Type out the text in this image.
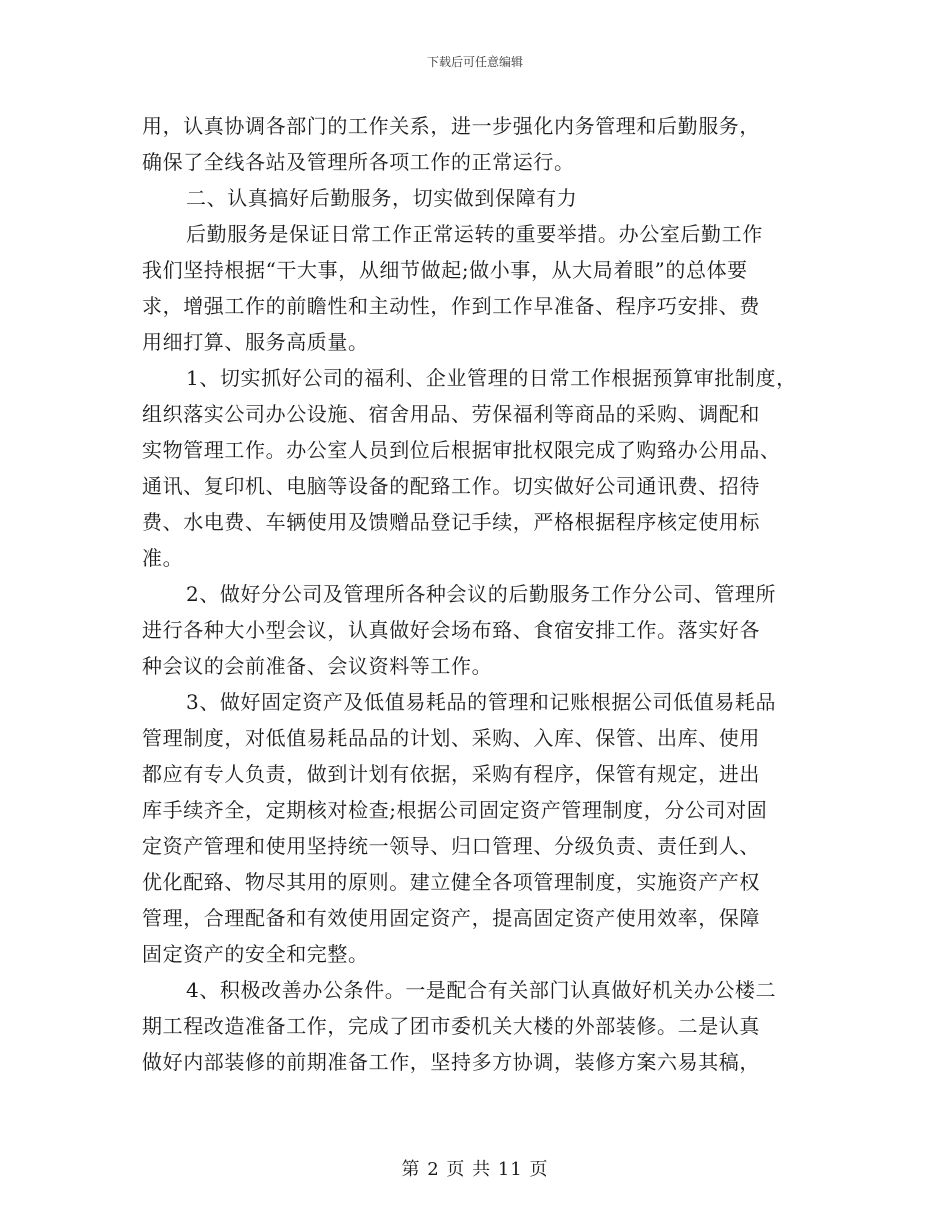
下载后可任意编辑
用，认真协调各部门的工作关系，进一步强化内务管理和后勤服务，
确保了全线各站及管理所各项工作的正常运行。
二、认真搞好后勤服务，切实做到保障有力
后勤服务是保证日常工作正常运转的重要举措。办公室后勤工作
我们坚持根据“干大事，从细节做起;做小事，从大局着眼”的总体要
求，增强工作的前瞻性和主动性，作到工作早准备、程序巧安排、费
用细打算、服务高质量。
1、切实抓好公司的福利、企业管理的日常工作根据预算审批制度，
组织落实公司办公设施、宿舍用品、劳保福利等商品的采购、调配和
实物管理工作。办公室人员到位后根据审批权限完成了购臵办公用品、
通讯、复印机、电脑等设备的配臵工作。切实做好公司通讯费、招待
费、水电费、车辆使用及馈赠品登记手续，严格根据程序核定使用标
准。
2、做好分公司及管理所各种会议的后勤服务工作分公司、管理所
进行各种大小型会议，认真做好会场布臵、食宿安排工作。落实好各
种会议的会前准备、会议资料等工作。
3、做好固定资产及低值易耗品的管理和记账根据公司低值易耗品
管理制度，对低值易耗品品的计划、采购、入库、保管、出库、使用
都应有专人负责，做到计划有依据，采购有程序，保管有规定，进出
库手续齐全，定期核对检查;根据公司固定资产管理制度，分公司对固
定资产管理和使用坚持统一领导、归口管理、分级负责、责任到人、
优化配臵、物尽其用的原则。建立健全各项管理制度，实施资产产权
管理，合理配备和有效使用固定资产，提高固定资产使用效率，保障
固定资产的安全和完整。
4、积极改善办公条件。一是配合有关部门认真做好机关办公楼二
期工程改造准备工作，完成了团市委机关大楼的外部装修。二是认真
做好内部装修的前期准备工作，坚持多方协调，装修方案六易其稿，
第 2 页 共 11 页
